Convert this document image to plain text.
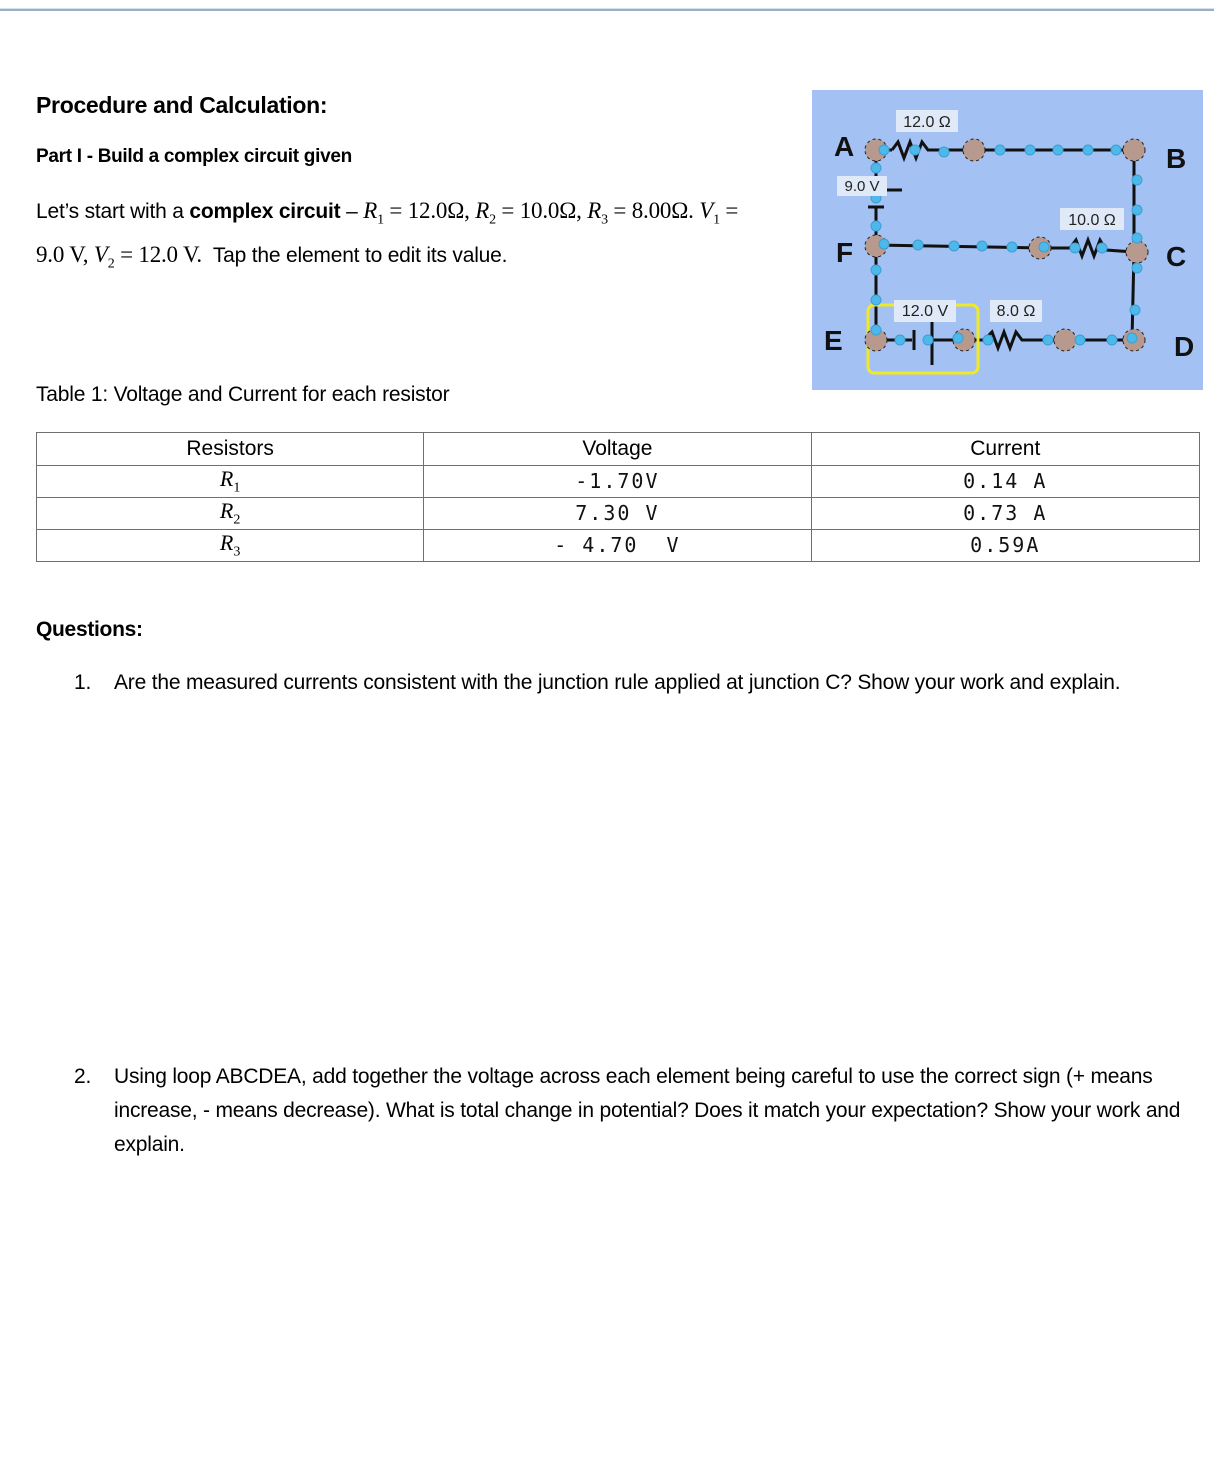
Procedure and Calculation:
Part I - Build a complex circuit given
Let’s start with a complex circuit – $R_1 = 12.0\Omega$, $R_2 = 10.0\Omega$, $R_3 = 8.00\Omega$. $V_1 = 9.0$ V, $V_2 = 12.0$ V. Tap the element to edit its value.
12.0 Ω
9.0 V
10.0 Ω
12.0 V	8.0 Ω
A	B
C
D
E
F
Table 1: Voltage and Current for each resistor
Resistors	Voltage	Current
$R_1$	-1.70V	0.14 A
$R_2$	7.30 V	0.73 A
$R_3$	- 4.70  V	0.59A
Questions:
1. Are the measured currents consistent with the junction rule applied at junction C? Show your work and explain.
2. Using loop ABCDEA, add together the voltage across each element being careful to use the correct sign (+ means increase, - means decrease). What is total change in potential? Does it match your expectation? Show your work and explain.
